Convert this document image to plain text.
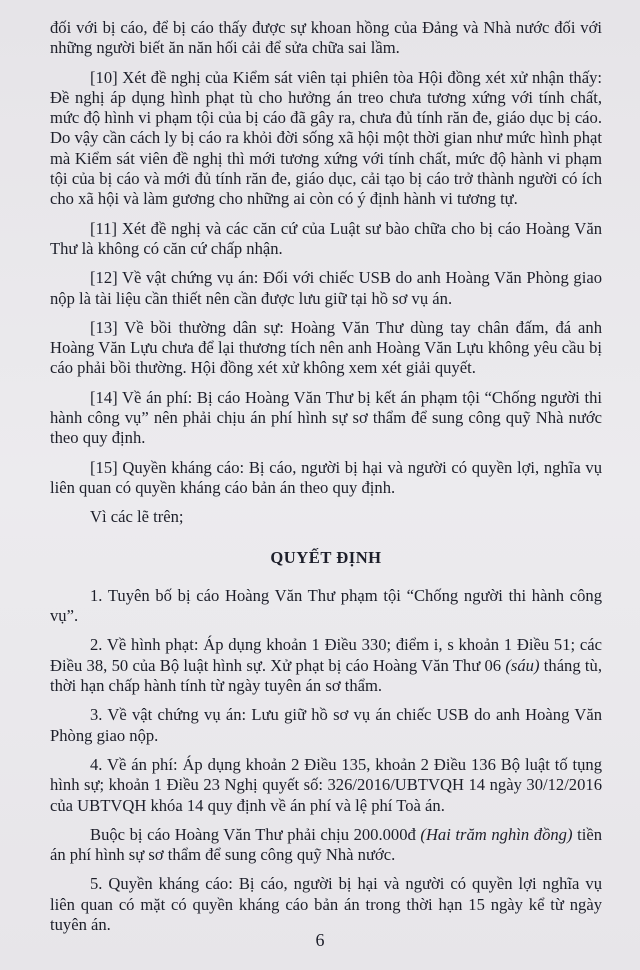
đối với bị cáo, để bị cáo thấy được sự khoan hồng của Đảng và Nhà nước đối với những người biết ăn năn hối cải để sửa chữa sai lầm.

[10] Xét đề nghị của Kiểm sát viên tại phiên tòa Hội đồng xét xử nhận thấy: Đề nghị áp dụng hình phạt tù cho hưởng án treo chưa tương xứng với tính chất, mức độ hình vi phạm tội của bị cáo đã gây ra, chưa đủ tính răn đe, giáo dục bị cáo. Do vậy cần cách ly bị cáo ra khỏi đời sống xã hội một thời gian như mức hình phạt mà Kiểm sát viên đề nghị thì mới tương xứng với tính chất, mức độ hành vi phạm tội của bị cáo và mới đủ tính răn đe, giáo dục, cải tạo bị cáo trở thành người có ích cho xã hội và làm gương cho những ai còn có ý định hành vi tương tự.

[11] Xét đề nghị và các căn cứ của Luật sư bào chữa cho bị cáo Hoàng Văn Thư là không có căn cứ chấp nhận.

[12] Về vật chứng vụ án: Đối với chiếc USB do anh Hoàng Văn Phòng giao nộp là tài liệu cần thiết nên cần được lưu giữ tại hồ sơ vụ án.

[13] Về bồi thường dân sự: Hoàng Văn Thư dùng tay chân đấm, đá anh Hoàng Văn Lựu chưa để lại thương tích nên anh Hoàng Văn Lựu không yêu cầu bị cáo phải bồi thường. Hội đồng xét xử không xem xét giải quyết.

[14] Về án phí: Bị cáo Hoàng Văn Thư bị kết án phạm tội “Chống người thi hành công vụ” nên phải chịu án phí hình sự sơ thẩm để sung công quỹ Nhà nước theo quy định.

[15] Quyền kháng cáo: Bị cáo, người bị hại và người có quyền lợi, nghĩa vụ liên quan có quyền kháng cáo bản án theo quy định.

Vì các lẽ trên;

QUYẾT ĐỊNH

1. Tuyên bố bị cáo Hoàng Văn Thư phạm tội “Chống người thi hành công vụ”.

2. Về hình phạt: Áp dụng khoản 1 Điều 330; điểm i, s khoản 1 Điều 51; các Điều 38, 50 của Bộ luật hình sự. Xử phạt bị cáo Hoàng Văn Thư 06 (sáu) tháng tù, thời hạn chấp hành tính từ ngày tuyên án sơ thẩm.

3. Về vật chứng vụ án: Lưu giữ hồ sơ vụ án chiếc USB do anh Hoàng Văn Phòng giao nộp.

4. Về án phí: Áp dụng khoản 2 Điều 135, khoản 2 Điều 136 Bộ luật tố tụng hình sự; khoản 1 Điều 23 Nghị quyết số: 326/2016/UBTVQH 14 ngày 30/12/2016 của UBTVQH khóa 14 quy định về án phí và lệ phí Toà án.

Buộc bị cáo Hoàng Văn Thư phải chịu 200.000đ (Hai trăm nghìn đồng) tiền án phí hình sự sơ thẩm để sung công quỹ Nhà nước.

5. Quyền kháng cáo: Bị cáo, người bị hại và người có quyền lợi nghĩa vụ liên quan có mặt có quyền kháng cáo bản án trong thời hạn 15 ngày kể từ ngày tuyên án.

6
